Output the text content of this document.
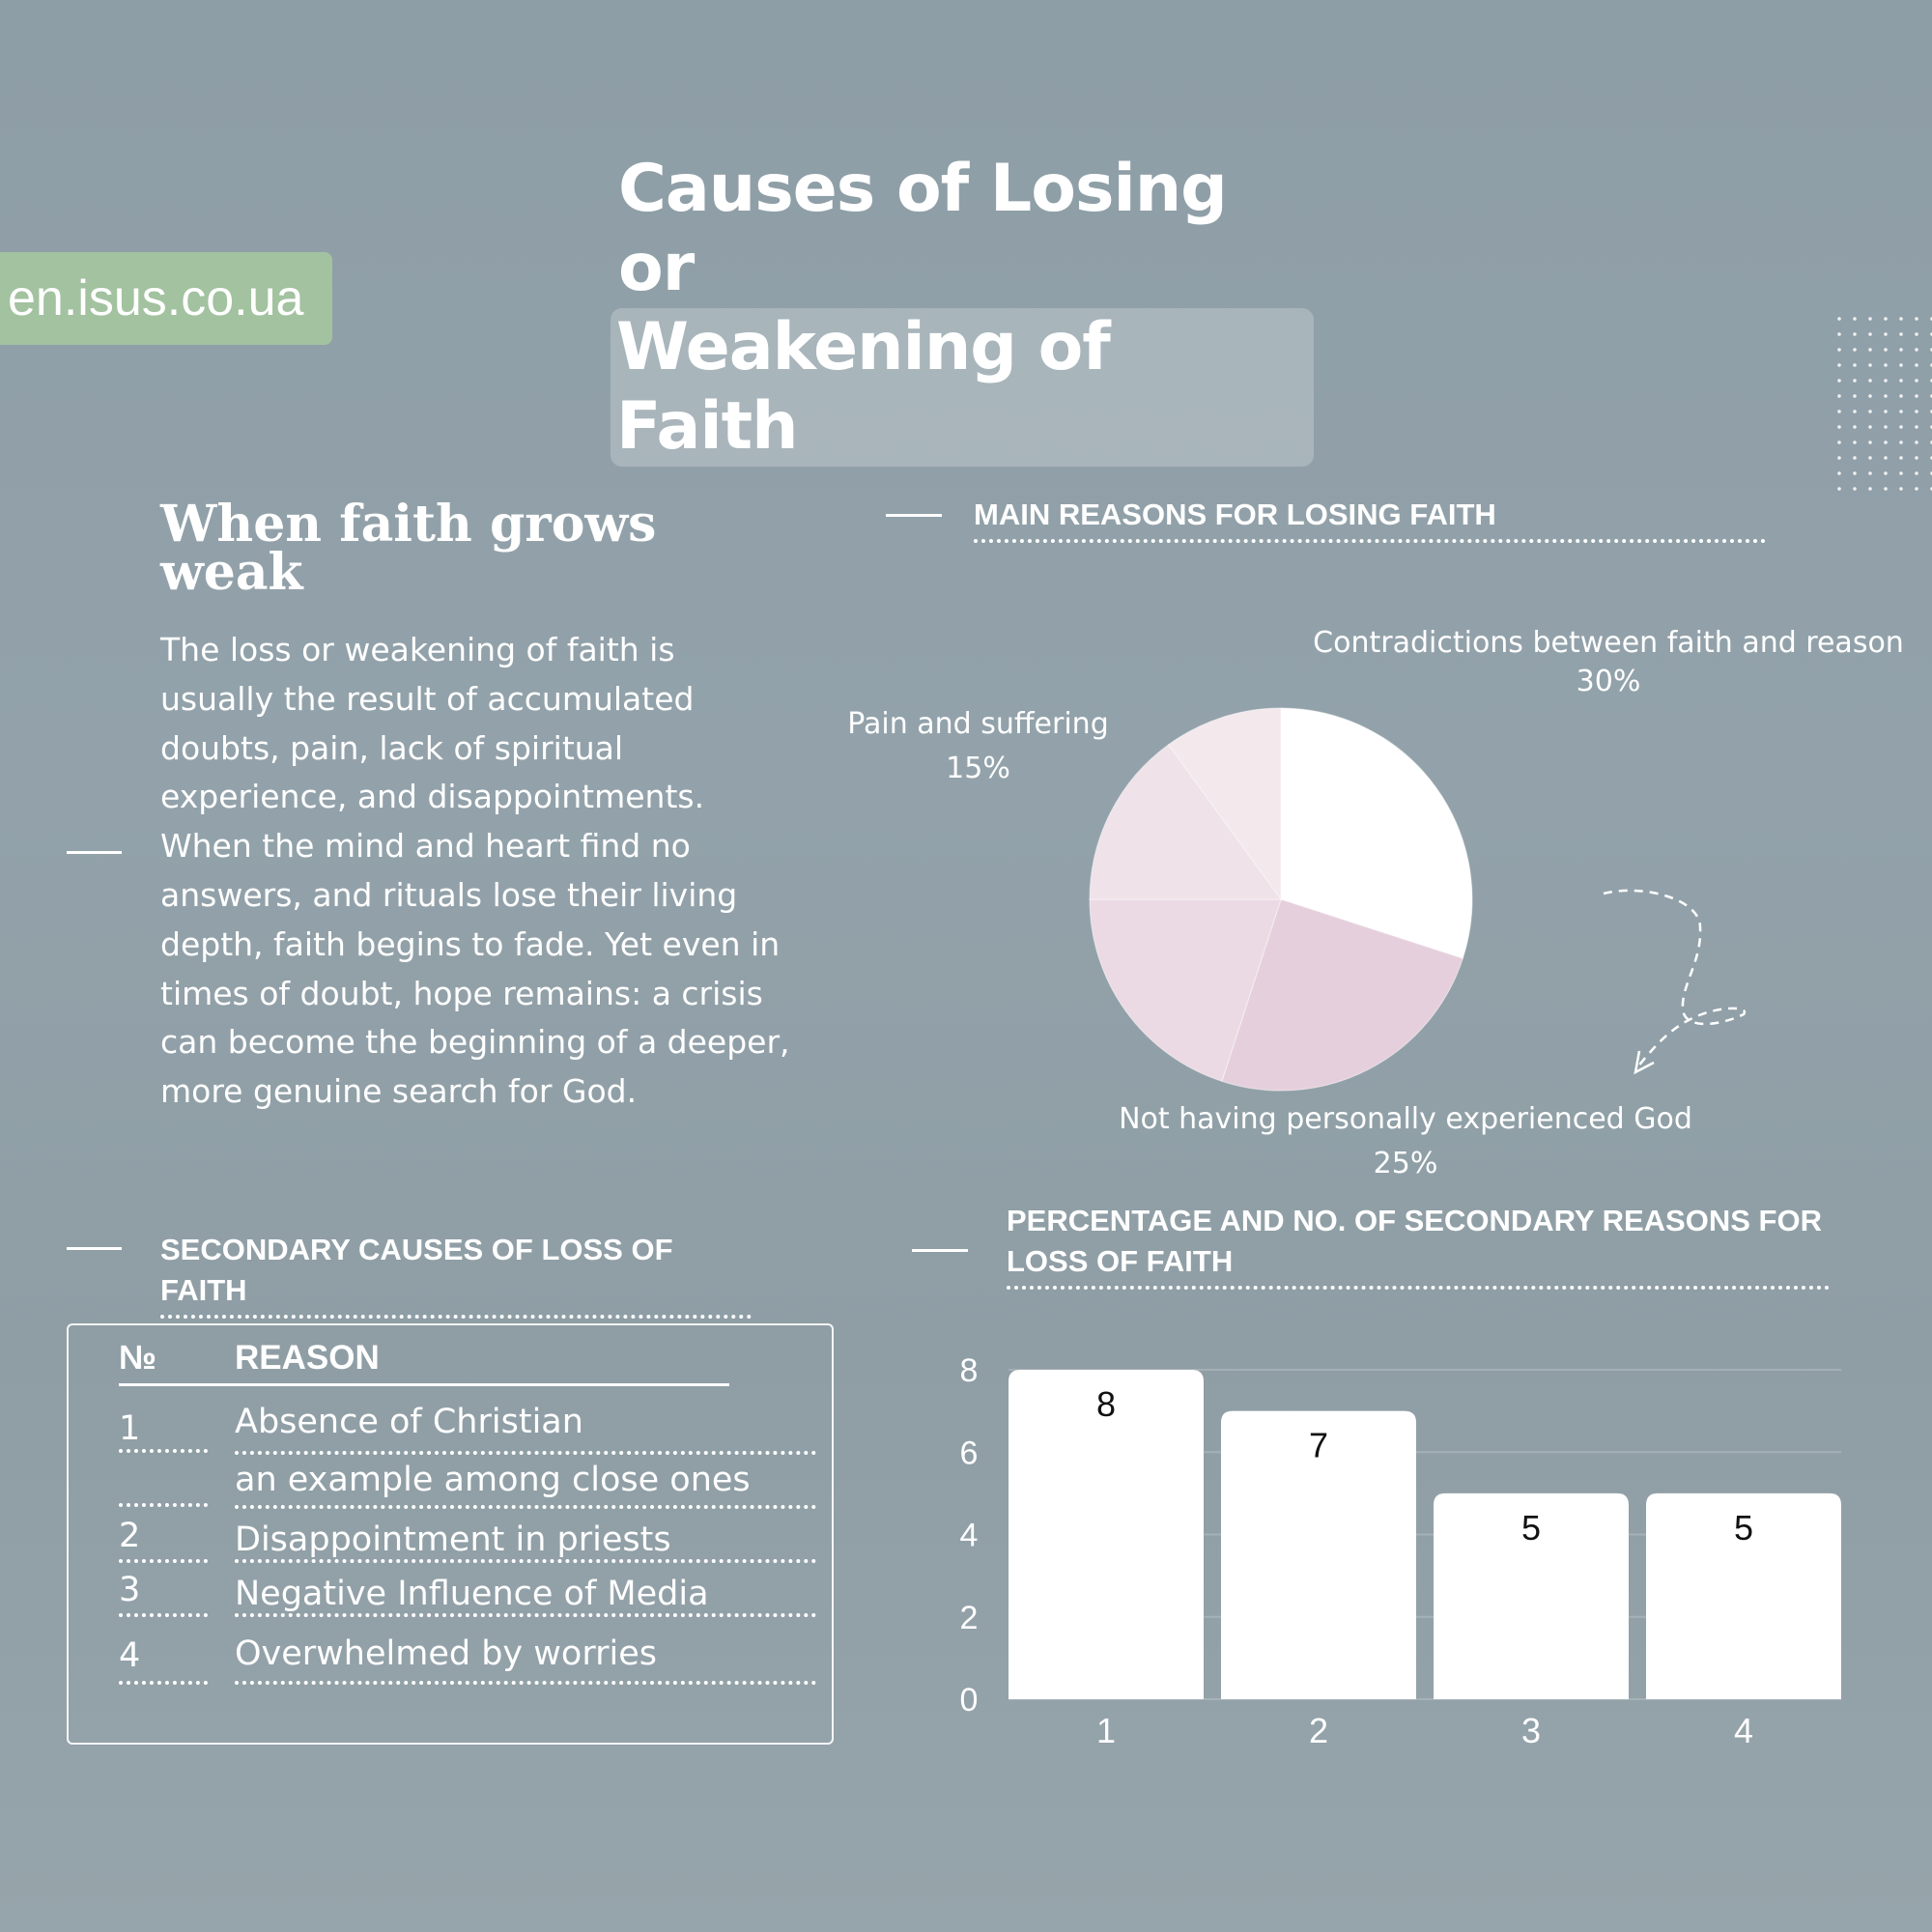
Causes of Losing or
Weakening of Faith
en.isus.co.ua
When faith grows weak
The loss or weakening of faith is usually the result of accumulated doubts, pain, lack of spiritual experience, and disappointments. When the mind and heart find no answers, and rituals lose their living depth, faith begins to fade. Yet even in times of doubt, hope remains: a crisis can become the beginning of a deeper, more genuine search for God.
MAIN REASONS FOR LOSING FAITH
Contradictions between faith and reason
30%
Pain and suffering
15%
Not having personally experienced God
25%
SECONDARY CAUSES OF LOSS OF FAITH
№ REASON
1	Absence of Christian
an example among close ones
2	Disappointment in priests
3	Negative Influence of Media
4	Overwhelmed by worries
PERCENTAGE AND NO. OF SECONDARY REASONS FOR LOSS OF FAITH
0
2
4
6
8
8
7
5	5
1	2	3	4
